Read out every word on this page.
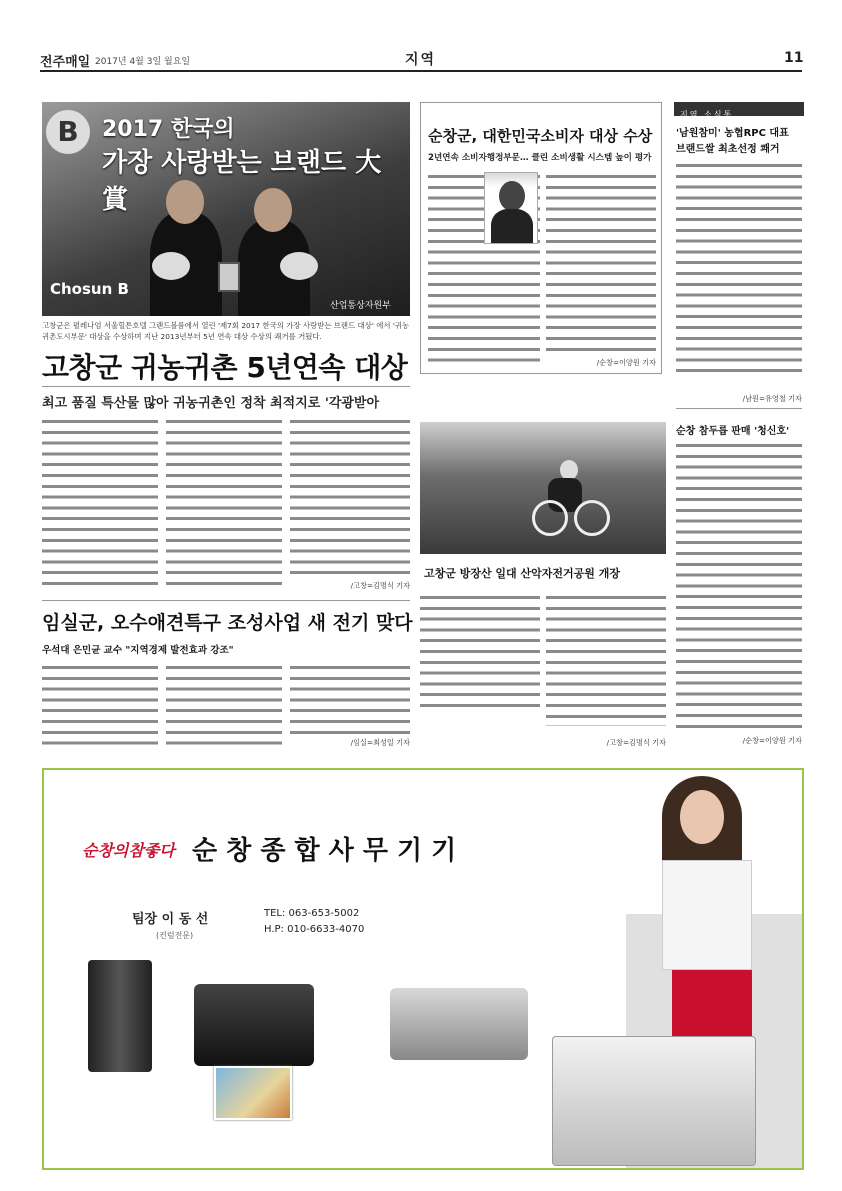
전주매일 2017년 4월 3일 월요일	지역	11
B	2017 한국의
가장 사랑받는 브랜드 大賞
Chosun B
산업통상자원부
고창군은 펄레나엄 서울힐튼호텔 그랜드볼룸에서 열린 '제7회 2017 한국의 가장 사랑받는 브랜드 대상' 에서 '귀농귀촌도시부문' 대상을 수상하며 지난 2013년부터 5년 연속 대상 수상의 쾌거를 거뒀다.
고창군 귀농귀촌 5년연속 대상
최고 품질 특산물 많아 귀농귀촌인 정착 최적지로 '각광받아
/고창=김명식 기자
순창군, 대한민국소비자 대상 수상
2년연속 소비자행정부문… 클린 소비생활 시스템 높이 평가
/순창=이양원 기자
지역 소식통
'남원참미' 농협RPC 대표
브랜드쌀 최초선정 쾌거
/남원=유영철 기자
고창군 방장산 일대 산악자전거공원 개장
/고창=김명식 기자
순창 참두릅 판매 '청신호'
/순창=이양원 기자
임실군, 오수애견특구 조성사업 새 전기 맞다
우석대 은민균 교수 "지역경제 발전효과 강조"
/임실=최성일 기자
순창의참좋다 순 창 종 합 사 무 기 기
팀장 이 동 선
(컨럼전문)
TEL: 063-653-5002
H.P: 010-6633-4070
